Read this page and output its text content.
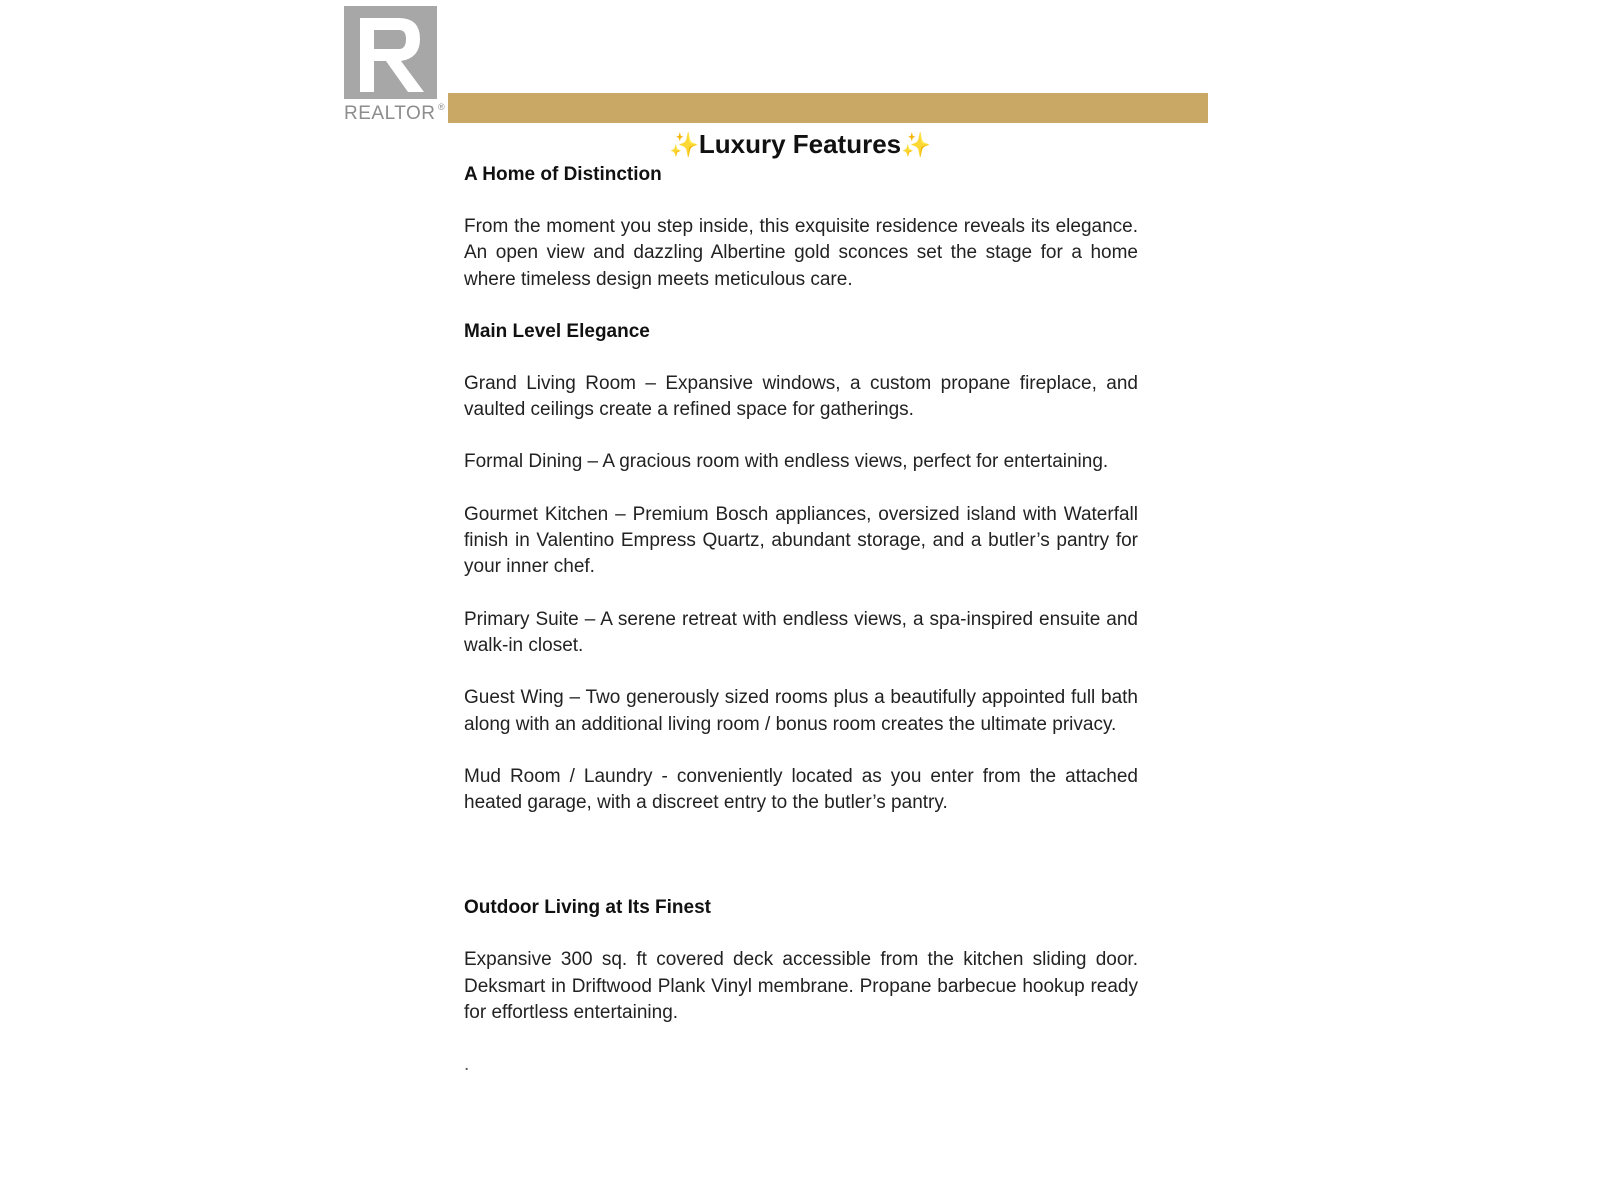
REALTOR ®
✨Luxury Features✨

A Home of Distinction

From the moment you step inside, this exquisite residence reveals its elegance. An open view and dazzling Albertine gold sconces set the stage for a home where timeless design meets meticulous care.

Main Level Elegance

Grand Living Room – Expansive windows, a custom propane fireplace, and vaulted ceilings create a refined space for gatherings.

Formal Dining – A gracious room with endless views, perfect for entertaining.

Gourmet Kitchen – Premium Bosch appliances, oversized island with Waterfall finish in Valentino Empress Quartz, abundant storage, and a butler’s pantry for your inner chef.

Primary Suite – A serene retreat with endless views, a spa-inspired ensuite and walk-in closet.

Guest Wing – Two generously sized rooms plus a beautifully appointed full bath along with an additional living room / bonus room creates the ultimate privacy.

Mud Room / Laundry - conveniently located as you enter from the attached heated garage, with a discreet entry to the butler’s pantry.

Outdoor Living at Its Finest

Expansive 300 sq. ft covered deck accessible from the kitchen sliding door. Deksmart in Driftwood Plank Vinyl membrane. Propane barbecue hookup ready for effortless entertaining.

.
